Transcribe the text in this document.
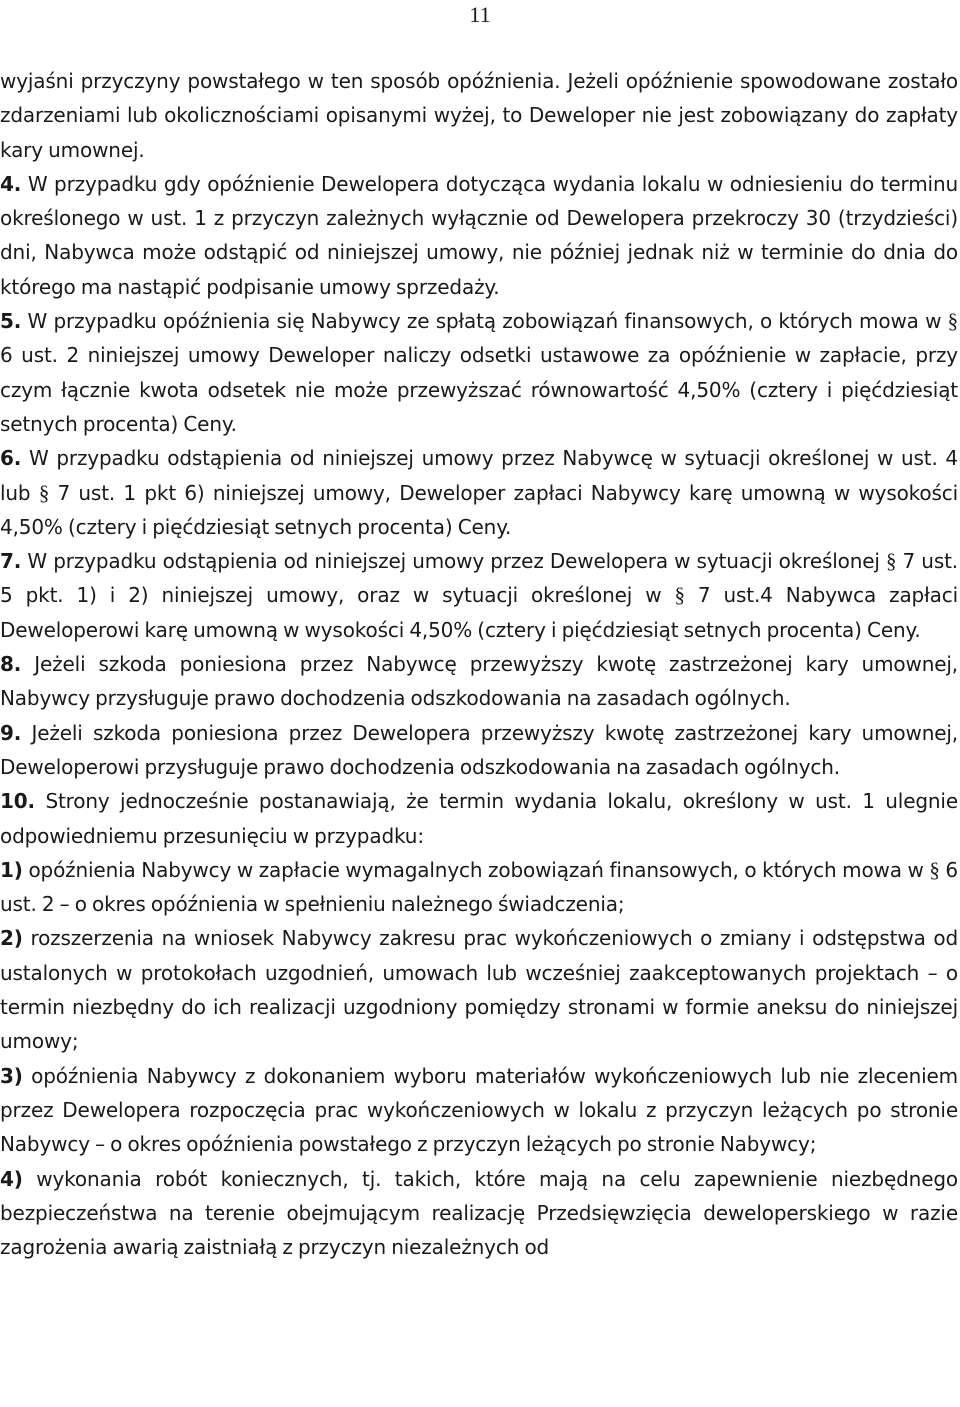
11

wyjaśni przyczyny powstałego w ten sposób opóźnienia. Jeżeli opóźnienie spowodowane zostało zdarzeniami lub okolicznościami opisanymi wyżej, to Deweloper nie jest zobowiązany do zapłaty kary umownej.

4. W przypadku gdy opóźnienie Dewelopera dotycząca wydania lokalu w odniesieniu do terminu określonego w ust. 1 z przyczyn zależnych wyłącznie od Dewelopera przekroczy 30 (trzydzieści) dni, Nabywca może odstąpić od niniejszej umowy, nie później jednak niż w terminie do dnia do którego ma nastąpić podpisanie umowy sprzedaży.

5. W przypadku opóźnienia się Nabywcy ze spłatą zobowiązań finansowych, o których mowa w § 6 ust. 2 niniejszej umowy Deweloper naliczy odsetki ustawowe za opóźnienie w zapłacie, przy czym łącznie kwota odsetek nie może przewyższać równowartość 4,50% (cztery i pięćdziesiąt setnych procenta) Ceny.

6. W przypadku odstąpienia od niniejszej umowy przez Nabywcę w sytuacji określonej w ust. 4 lub § 7 ust. 1 pkt 6) niniejszej umowy, Deweloper zapłaci Nabywcy karę umowną w wysokości 4,50% (cztery i pięćdziesiąt setnych procenta) Ceny.

7. W przypadku odstąpienia od niniejszej umowy przez Dewelopera w sytuacji określonej § 7 ust. 5 pkt. 1) i 2) niniejszej umowy, oraz w sytuacji określonej w § 7 ust.4 Nabywca zapłaci Deweloperowi karę umowną w wysokości 4,50% (cztery i pięćdziesiąt setnych procenta) Ceny.

8. Jeżeli szkoda poniesiona przez Nabywcę przewyższy kwotę zastrzeżonej kary umownej, Nabywcy przysługuje prawo dochodzenia odszkodowania na zasadach ogólnych.

9. Jeżeli szkoda poniesiona przez Dewelopera przewyższy kwotę zastrzeżonej kary umownej, Deweloperowi przysługuje prawo dochodzenia odszkodowania na zasadach ogólnych.

10. Strony jednocześnie postanawiają, że termin wydania lokalu, określony w ust. 1 ulegnie odpowiedniemu przesunięciu w przypadku:

1) opóźnienia Nabywcy w zapłacie wymagalnych zobowiązań finansowych, o których mowa w § 6 ust. 2 – o okres opóźnienia w spełnieniu należnego świadczenia;

2) rozszerzenia na wniosek Nabywcy zakresu prac wykończeniowych o zmiany i odstępstwa od ustalonych w protokołach uzgodnień, umowach lub wcześniej zaakceptowanych projektach – o termin niezbędny do ich realizacji uzgodniony pomiędzy stronami w formie aneksu do niniejszej umowy;

3) opóźnienia Nabywcy z dokonaniem wyboru materiałów wykończeniowych lub nie zleceniem przez Dewelopera rozpoczęcia prac wykończeniowych w lokalu z przyczyn leżących po stronie Nabywcy – o okres opóźnienia powstałego z przyczyn leżących po stronie Nabywcy;

4) wykonania robót koniecznych, tj. takich, które mają na celu zapewnienie niezbędnego bezpieczeństwa na terenie obejmującym realizację Przedsięwzięcia deweloperskiego w razie zagrożenia awarią zaistniałą z przyczyn niezależnych od
